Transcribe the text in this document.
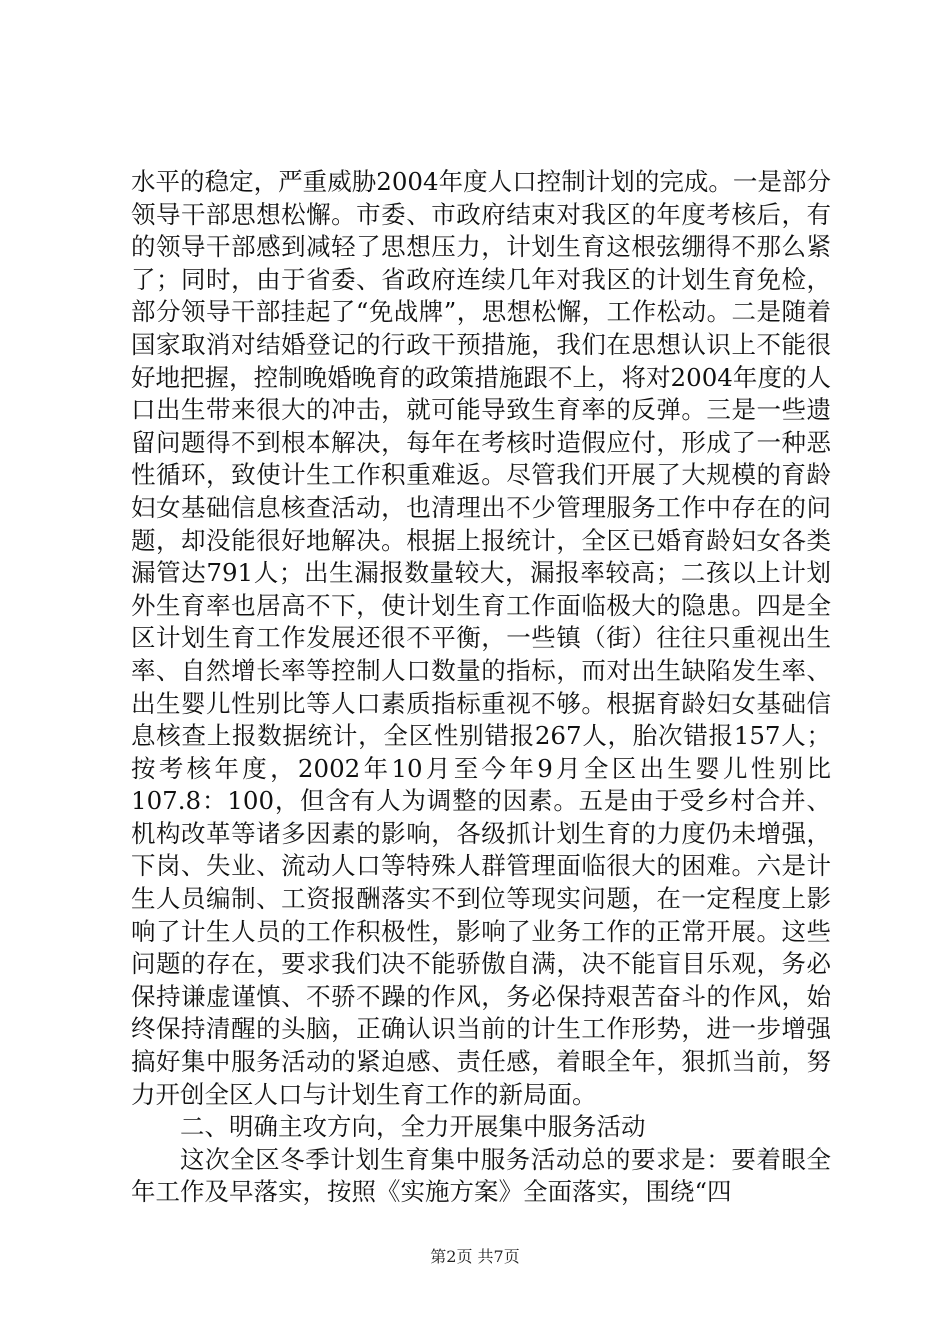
水平的稳定，严重威胁2004年度人口控制计划的完成。一是部分领导干部思想松懈。市委、市政府结束对我区的年度考核后，有的领导干部感到减轻了思想压力，计划生育这根弦绷得不那么紧了；同时，由于省委、省政府连续几年对我区的计划生育免检，部分领导干部挂起了“免战牌”，思想松懈，工作松动。二是随着国家取消对结婚登记的行政干预措施，我们在思想认识上不能很好地把握，控制晚婚晚育的政策措施跟不上，将对2004年度的人口出生带来很大的冲击，就可能导致生育率的反弹。三是一些遗留问题得不到根本解决，每年在考核时造假应付，形成了一种恶性循环，致使计生工作积重难返。尽管我们开展了大规模的育龄妇女基础信息核查活动，也清理出不少管理服务工作中存在的问题，却没能很好地解决。根据上报统计，全区已婚育龄妇女各类漏管达791人；出生漏报数量较大，漏报率较高；二孩以上计划外生育率也居高不下，使计划生育工作面临极大的隐患。四是全区计划生育工作发展还很不平衡，一些镇（街）往往只重视出生率、自然增长率等控制人口数量的指标，而对出生缺陷发生率、出生婴儿性别比等人口素质指标重视不够。根据育龄妇女基础信息核查上报数据统计，全区性别错报267人，胎次错报157人；按考核年度，2002年10月至今年9月全区出生婴儿性别比107.8：100，但含有人为调整的因素。五是由于受乡村合并、机构改革等诸多因素的影响，各级抓计划生育的力度仍未增强，下岗、失业、流动人口等特殊人群管理面临很大的困难。六是计生人员编制、工资报酬落实不到位等现实问题，在一定程度上影响了计生人员的工作积极性，影响了业务工作的正常开展。这些问题的存在，要求我们决不能骄傲自满，决不能盲目乐观，务必保持谦虚谨慎、不骄不躁的作风，务必保持艰苦奋斗的作风，始终保持清醒的头脑，正确认识当前的计生工作形势，进一步增强搞好集中服务活动的紧迫感、责任感，着眼全年，狠抓当前，努力开创全区人口与计划生育工作的新局面。

二、明确主攻方向，全力开展集中服务活动

这次全区冬季计划生育集中服务活动总的要求是：要着眼全年工作及早落实，按照《实施方案》全面落实，围绕“四

第2页 共7页
